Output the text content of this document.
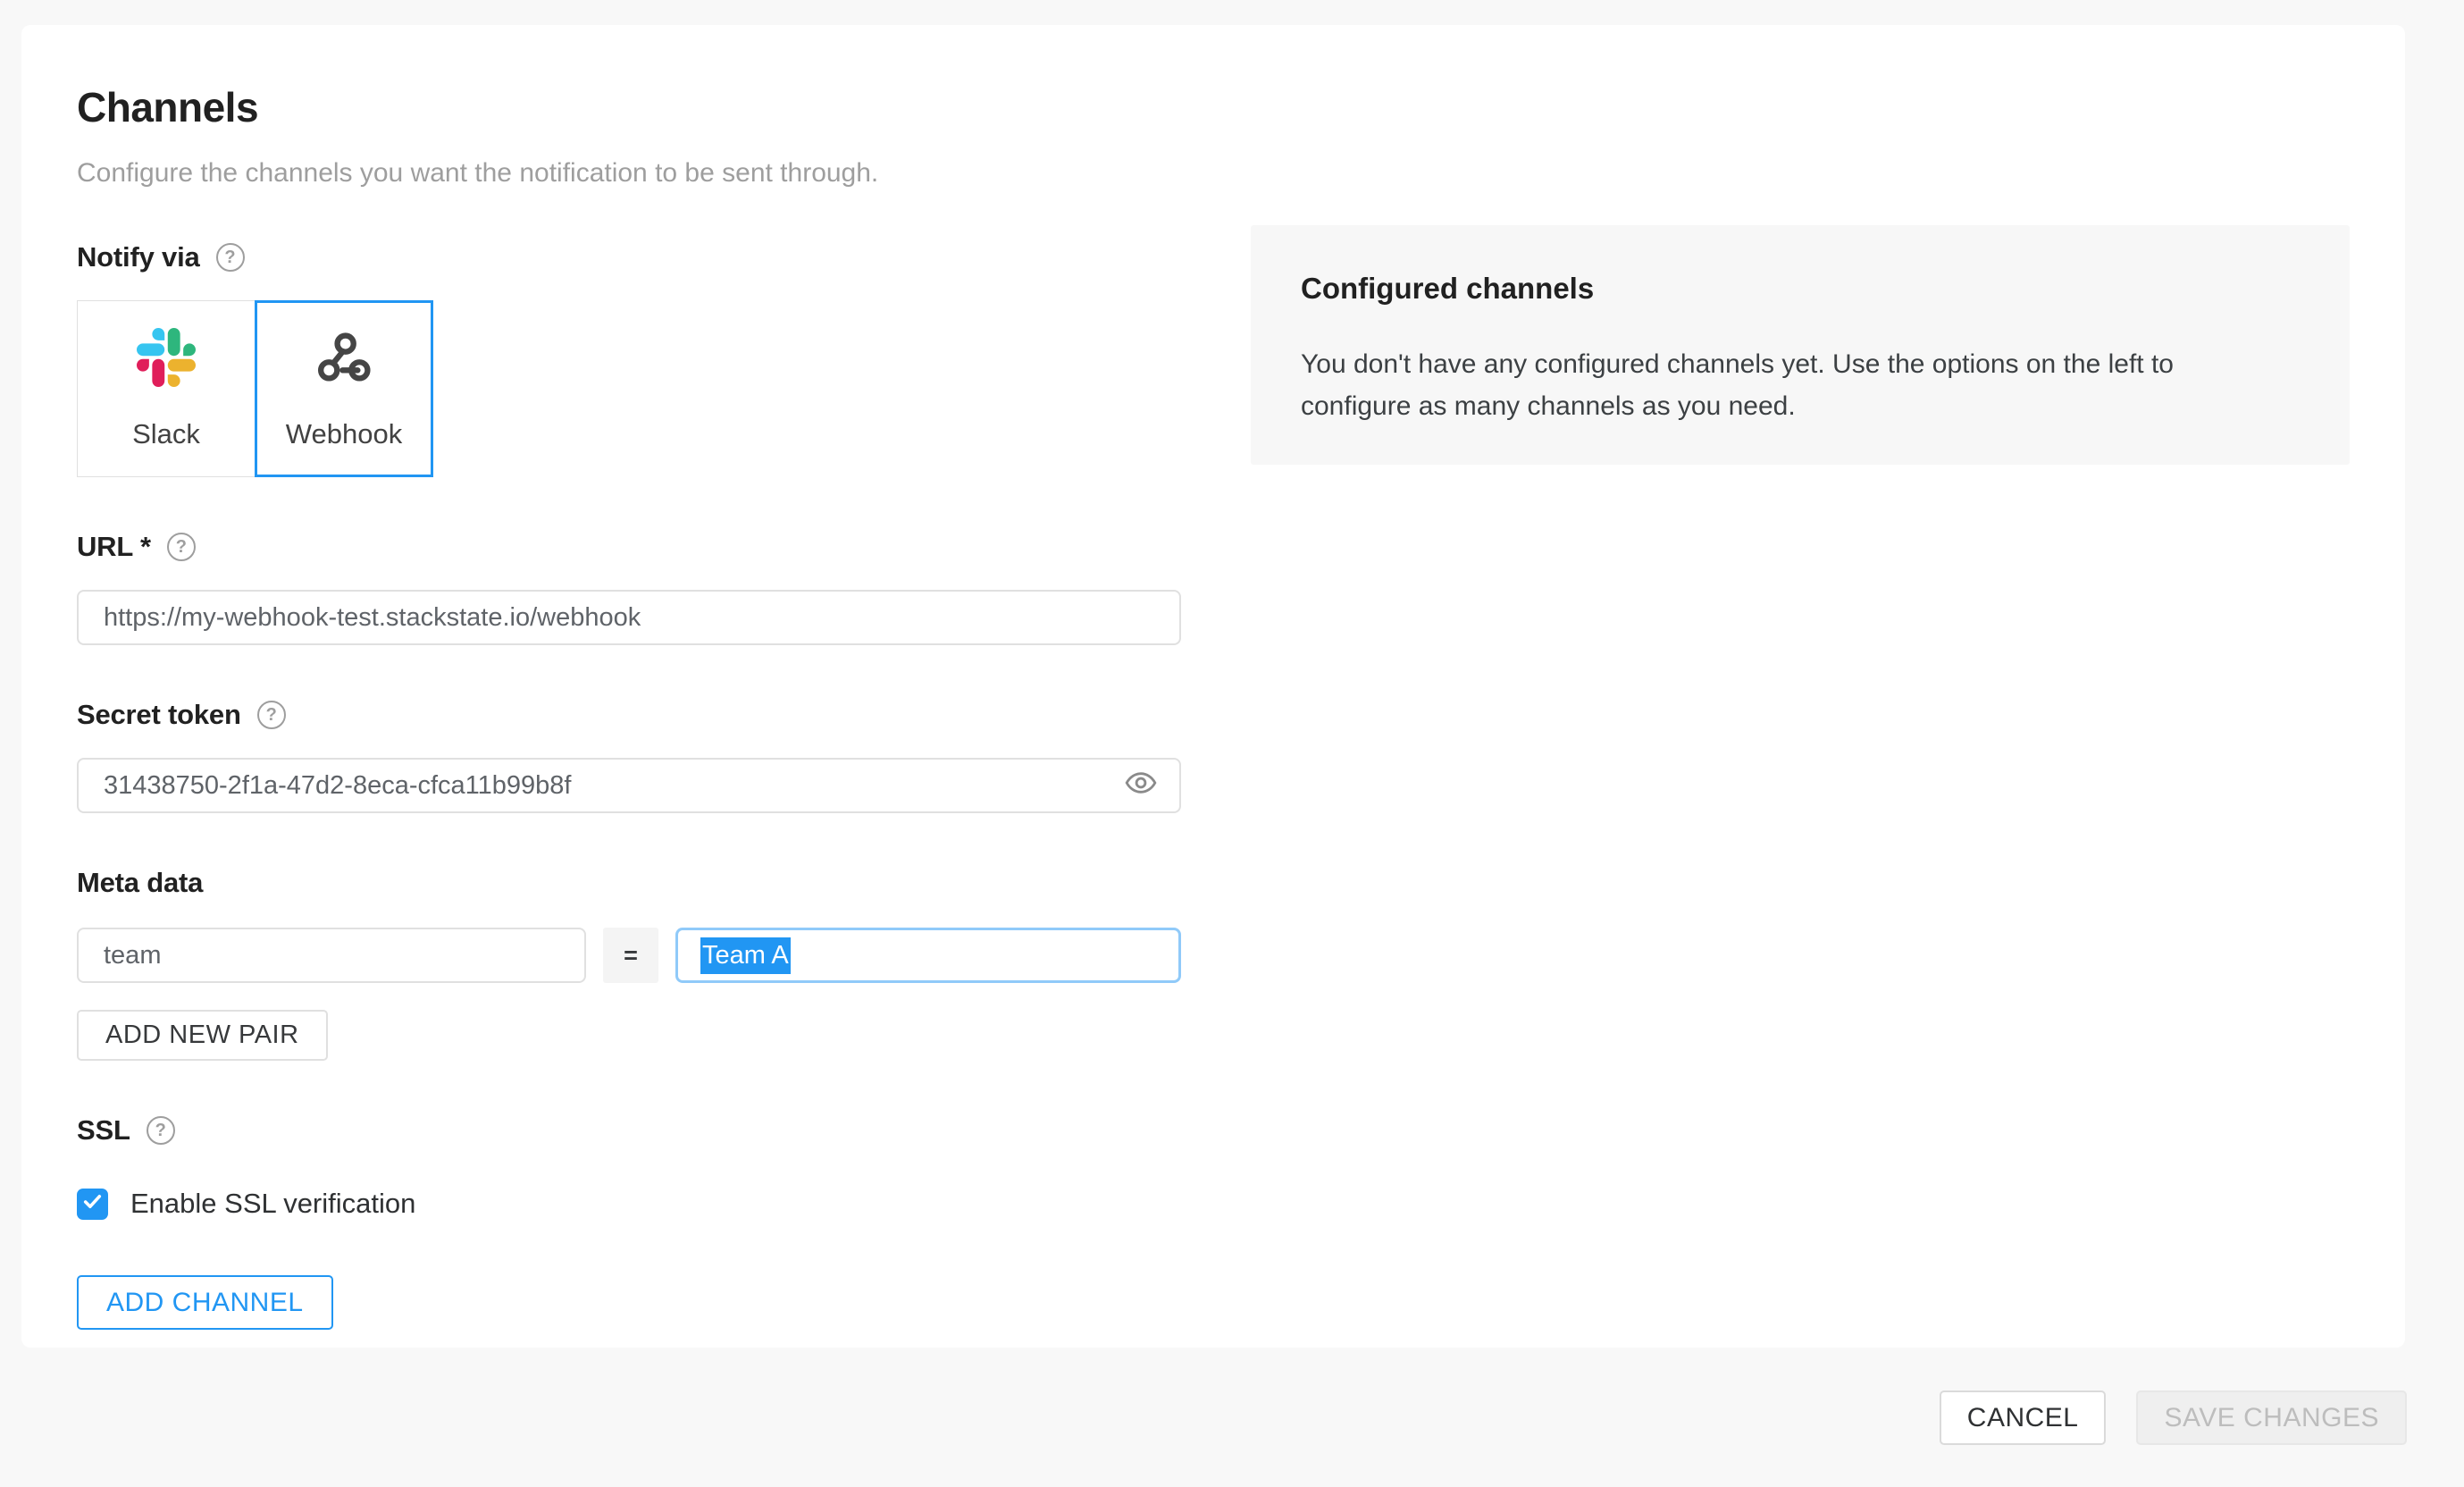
Channels
Configure the channels you want the notification to be sent through.
Notify via	?
Slack	Webhook
URL *	?
https://my-webhook-test.stackstate.io/webhook
Secret token	?
31438750-2f1a-47d2-8eca-cfca11b99b8f
Meta data
team
=	Team A
ADD NEW PAIR
SSL	?
Enable SSL verification
ADD CHANNEL
Configured channels
You don't have any configured channels yet. Use the options on the left to configure as many channels as you need.
CANCEL	SAVE CHANGES
